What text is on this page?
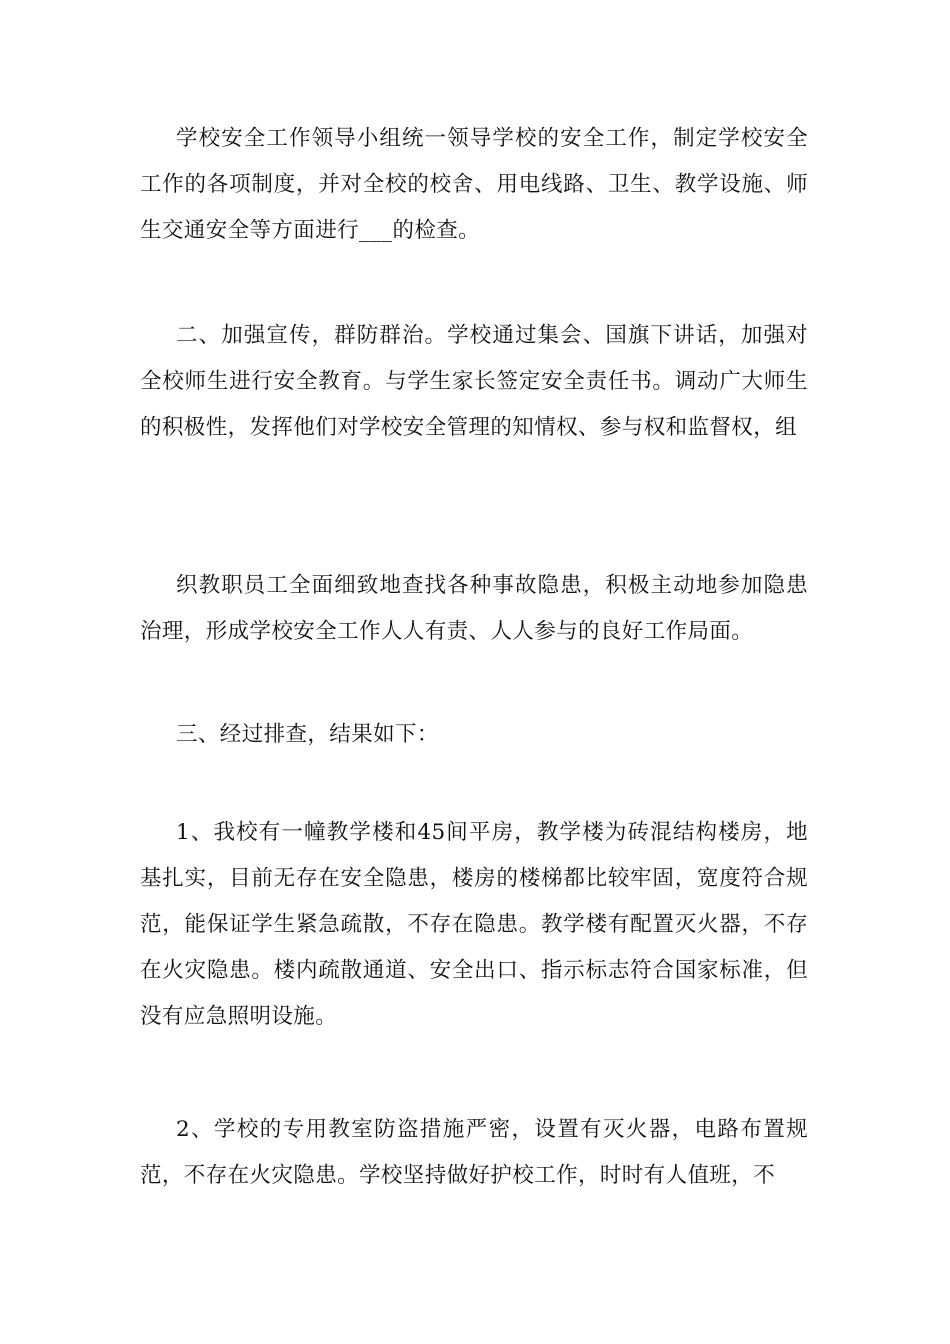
学校安全工作领导小组统一领导学校的安全工作，制定学校安全工作的各项制度，并对全校的校舍、用电线路、卫生、教学设施、师生交通安全等方面进行___的检查。

二、加强宣传，群防群治。学校通过集会、国旗下讲话，加强对全校师生进行安全教育。与学生家长签定安全责任书。调动广大师生的积极性，发挥他们对学校安全管理的知情权、参与权和监督权，组

织教职员工全面细致地查找各种事故隐患，积极主动地参加隐患治理，形成学校安全工作人人有责、人人参与的良好工作局面。

三、经过排查，结果如下：

1、我校有一幢教学楼和45间平房，教学楼为砖混结构楼房，地基扎实，目前无存在安全隐患，楼房的楼梯都比较牢固，宽度符合规范，能保证学生紧急疏散，不存在隐患。教学楼有配置灭火器，不存在火灾隐患。楼内疏散通道、安全出口、指示标志符合国家标准，但没有应急照明设施。

2、学校的专用教室防盗措施严密，设置有灭火器，电路布置规范，不存在火灾隐患。学校坚持做好护校工作，时时有人值班，不
